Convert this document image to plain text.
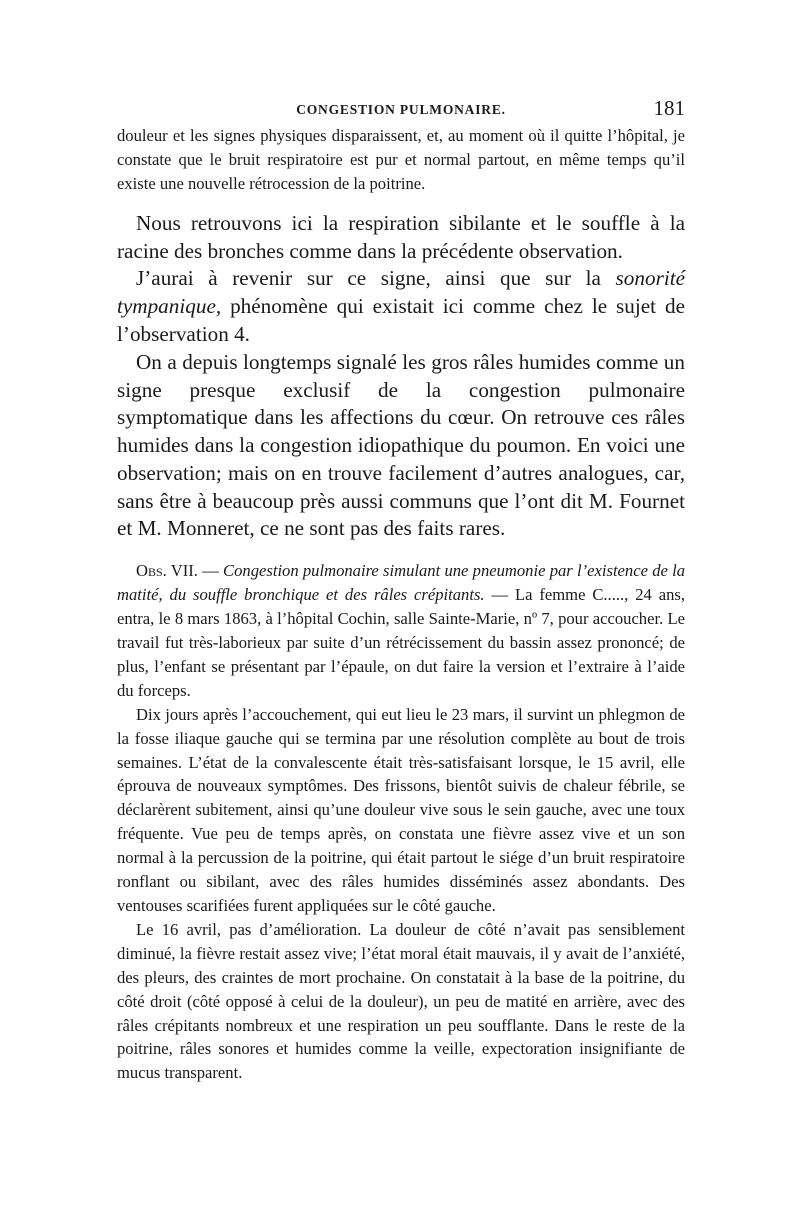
CONGESTION PULMONAIRE.	181

douleur et les signes physiques disparaissent, et, au moment où il quitte l’hôpital, je constate que le bruit respiratoire est pur et normal partout, en même temps qu’il existe une nouvelle rétrocession de la poitrine.

Nous retrouvons ici la respiration sibilante et le souffle à la racine des bronches comme dans la précédente observation.

J’aurai à revenir sur ce signe, ainsi que sur la sonorité tympanique, phénomène qui existait ici comme chez le sujet de l’observation 4.

On a depuis longtemps signalé les gros râles humides comme un signe presque exclusif de la congestion pulmonaire symptomatique dans les affections du cœur. On retrouve ces râles humides dans la congestion idiopathique du poumon. En voici une observation; mais on en trouve facilement d’autres analogues, car, sans être à beaucoup près aussi communs que l’ont dit M. Fournet et M. Monneret, ce ne sont pas des faits rares.

Obs. VII. — Congestion pulmonaire simulant une pneumonie par l’existence de la matité, du souffle bronchique et des râles crépitants. — La femme C....., 24 ans, entra, le 8 mars 1863, à l’hôpital Cochin, salle Sainte-Marie, nº 7, pour accoucher. Le travail fut très-laborieux par suite d’un rétrécissement du bassin assez prononcé; de plus, l’enfant se présentant par l’épaule, on dut faire la version et l’extraire à l’aide du forceps.

Dix jours après l’accouchement, qui eut lieu le 23 mars, il survint un phlegmon de la fosse iliaque gauche qui se termina par une résolution complète au bout de trois semaines. L’état de la convalescente était très-satisfaisant lorsque, le 15 avril, elle éprouva de nouveaux symptômes. Des frissons, bientôt suivis de chaleur fébrile, se déclarèrent subitement, ainsi qu’une douleur vive sous le sein gauche, avec une toux fréquente. Vue peu de temps après, on constata une fièvre assez vive et un son normal à la percussion de la poitrine, qui était partout le siége d’un bruit respiratoire ronflant ou sibilant, avec des râles humides disséminés assez abondants. Des ventouses scarifiées furent appliquées sur le côté gauche.

Le 16 avril, pas d’amélioration. La douleur de côté n’avait pas sensiblement diminué, la fièvre restait assez vive; l’état moral était mauvais, il y avait de l’anxiété, des pleurs, des craintes de mort prochaine. On constatait à la base de la poitrine, du côté droit (côté opposé à celui de la douleur), un peu de matité en arrière, avec des râles crépitants nombreux et une respiration un peu soufflante. Dans le reste de la poitrine, râles sonores et humides comme la veille, expectoration insignifiante de mucus transparent.
